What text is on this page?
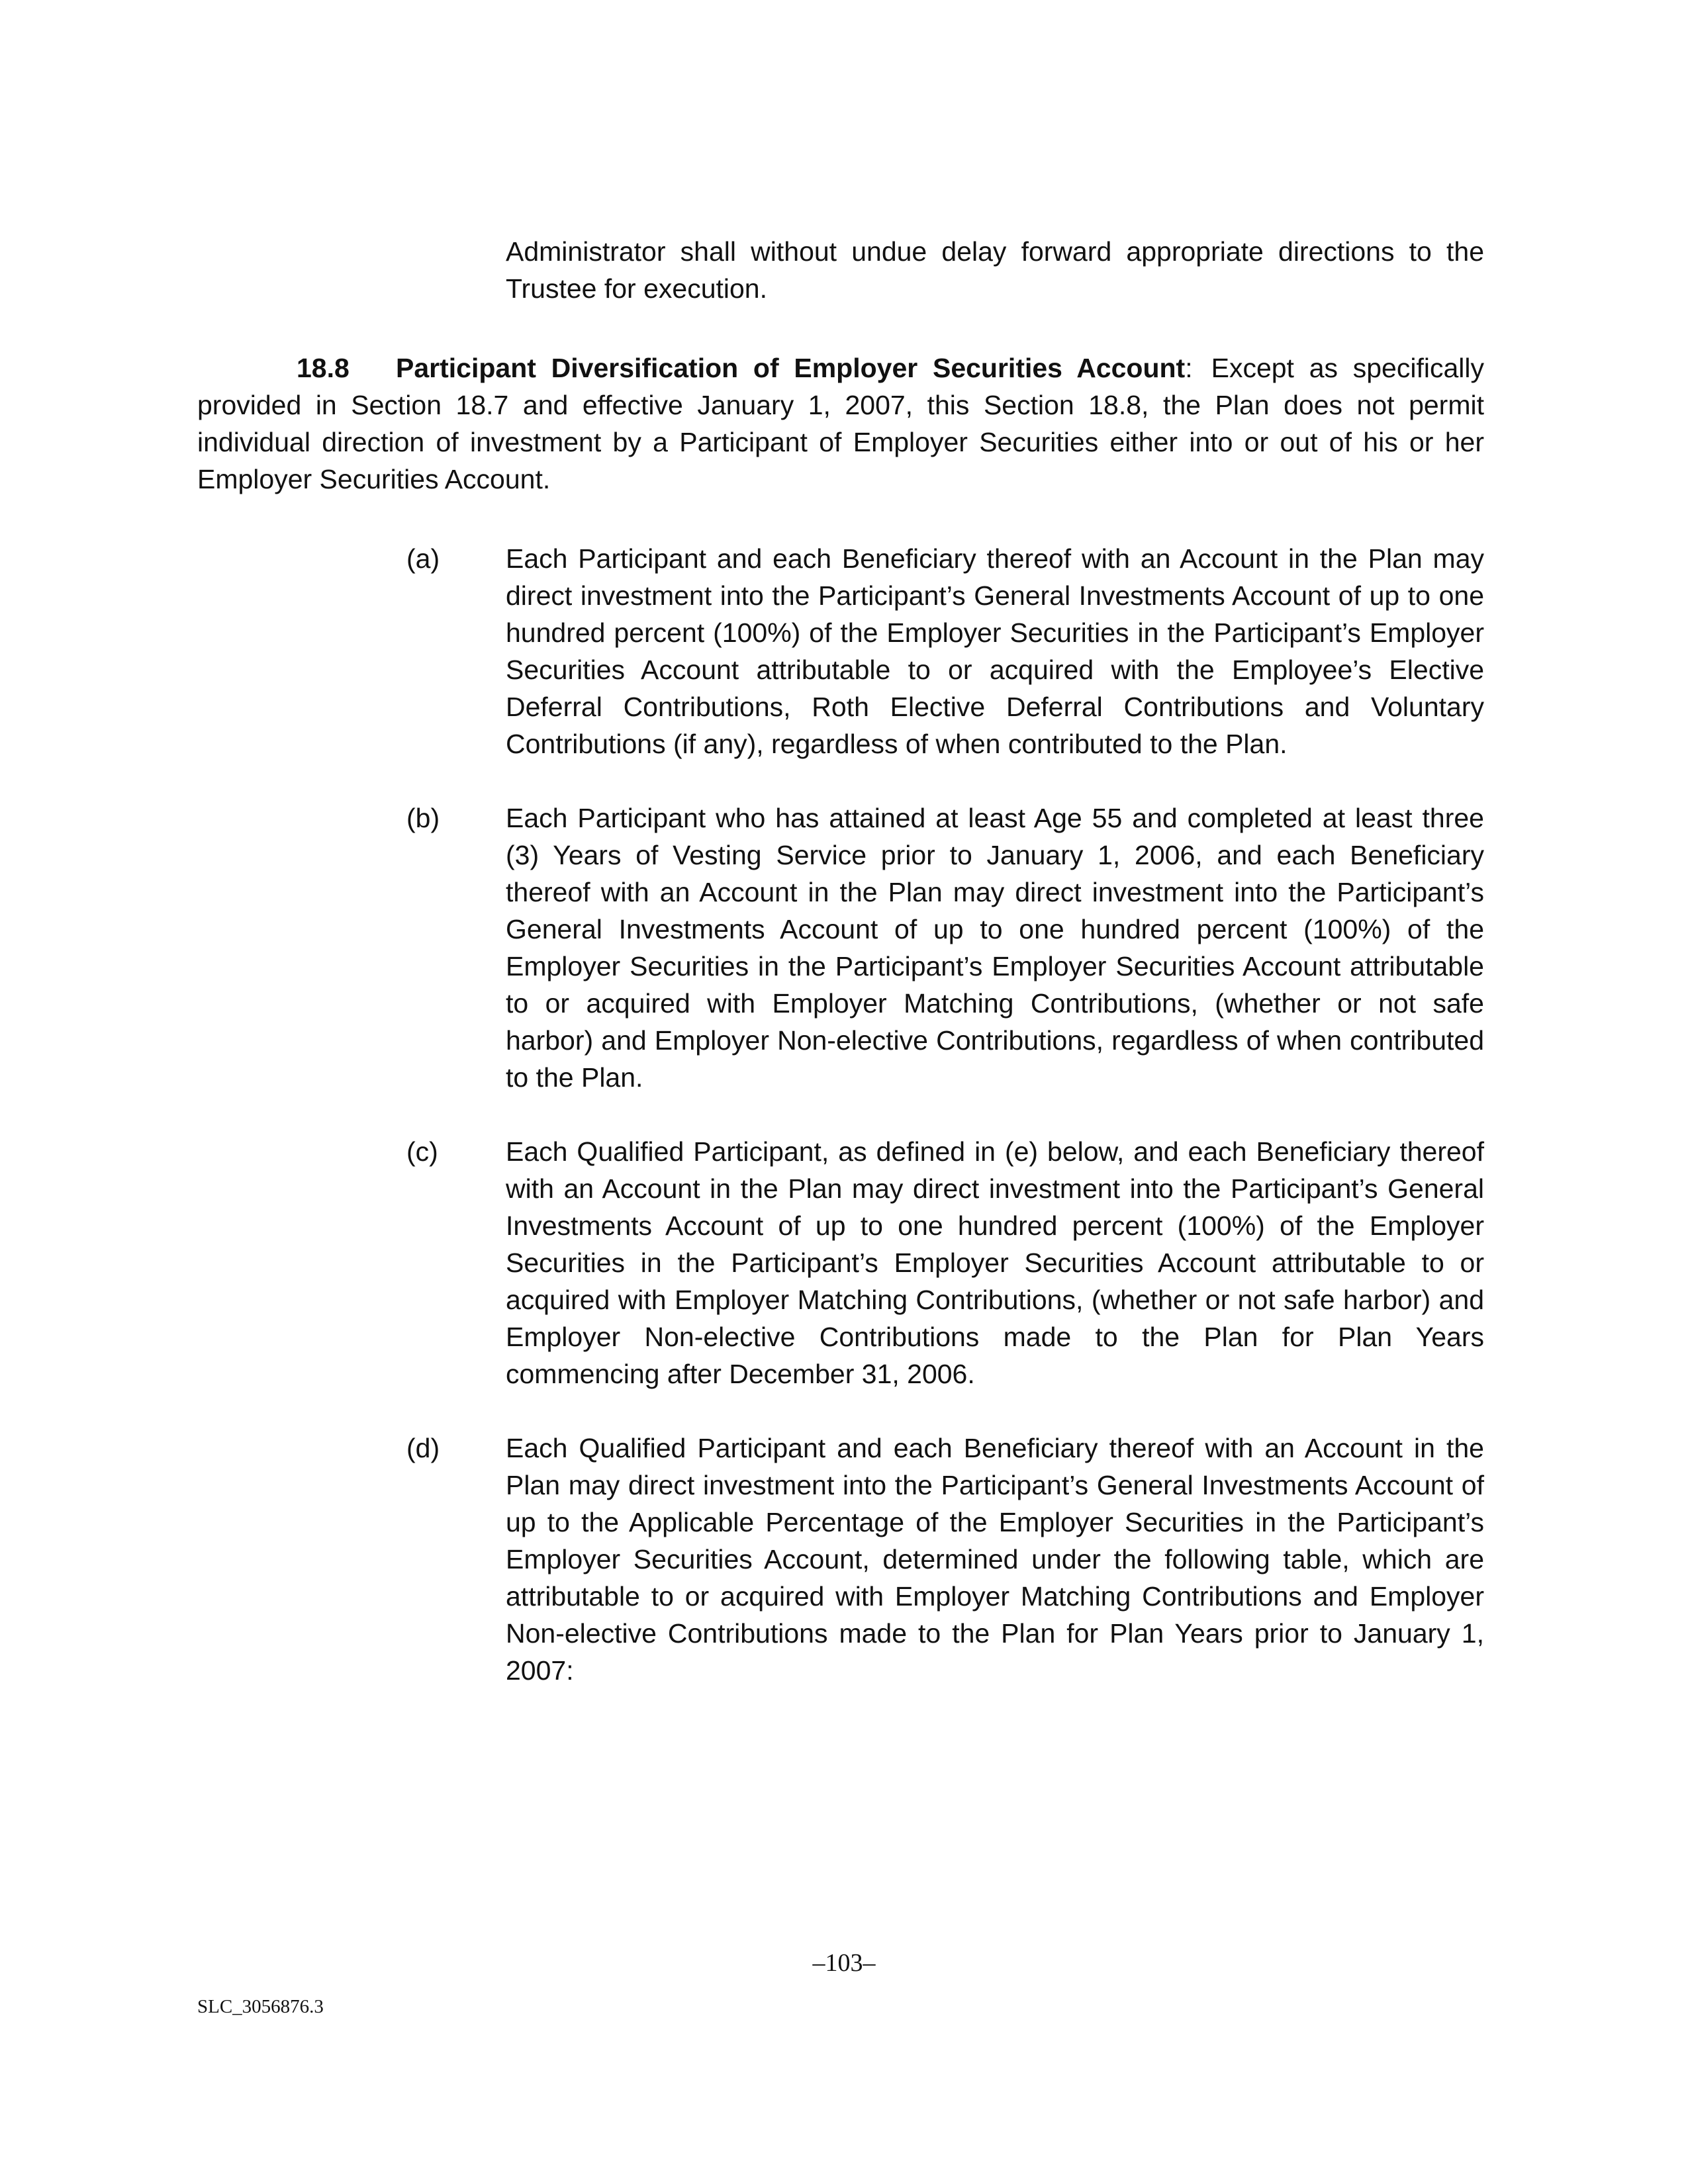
Administrator shall without undue delay forward appropriate directions to the Trustee for execution.
18.8 Participant Diversification of Employer Securities Account: Except as specifically provided in Section 18.7 and effective January 1, 2007, this Section 18.8, the Plan does not permit individual direction of investment by a Participant of Employer Securities either into or out of his or her Employer Securities Account.
(a) Each Participant and each Beneficiary thereof with an Account in the Plan may direct investment into the Participant’s General Investments Account of up to one hundred percent (100%) of the Employer Securities in the Participant’s Employer Securities Account attributable to or acquired with the Employee’s Elective Deferral Contributions, Roth Elective Deferral Contributions and Voluntary Contributions (if any), regardless of when contributed to the Plan.
(b) Each Participant who has attained at least Age 55 and completed at least three (3) Years of Vesting Service prior to January 1, 2006, and each Beneficiary thereof with an Account in the Plan may direct investment into the Participant’s General Investments Account of up to one hundred percent (100%) of the Employer Securities in the Participant’s Employer Securities Account attributable to or acquired with Employer Matching Contributions, (whether or not safe harbor) and Employer Non-elective Contributions, regardless of when contributed to the Plan.
(c) Each Qualified Participant, as defined in (e) below, and each Beneficiary thereof with an Account in the Plan may direct investment into the Participant’s General Investments Account of up to one hundred percent (100%) of the Employer Securities in the Participant’s Employer Securities Account attributable to or acquired with Employer Matching Contributions, (whether or not safe harbor) and Employer Non-elective Contributions made to the Plan for Plan Years commencing after December 31, 2006.
(d) Each Qualified Participant and each Beneficiary thereof with an Account in the Plan may direct investment into the Participant’s General Investments Account of up to the Applicable Percentage of the Employer Securities in the Participant’s Employer Securities Account, determined under the following table, which are attributable to or acquired with Employer Matching Contributions and Employer Non-elective Contributions made to the Plan for Plan Years prior to January 1, 2007:
–103–
SLC_3056876.3
